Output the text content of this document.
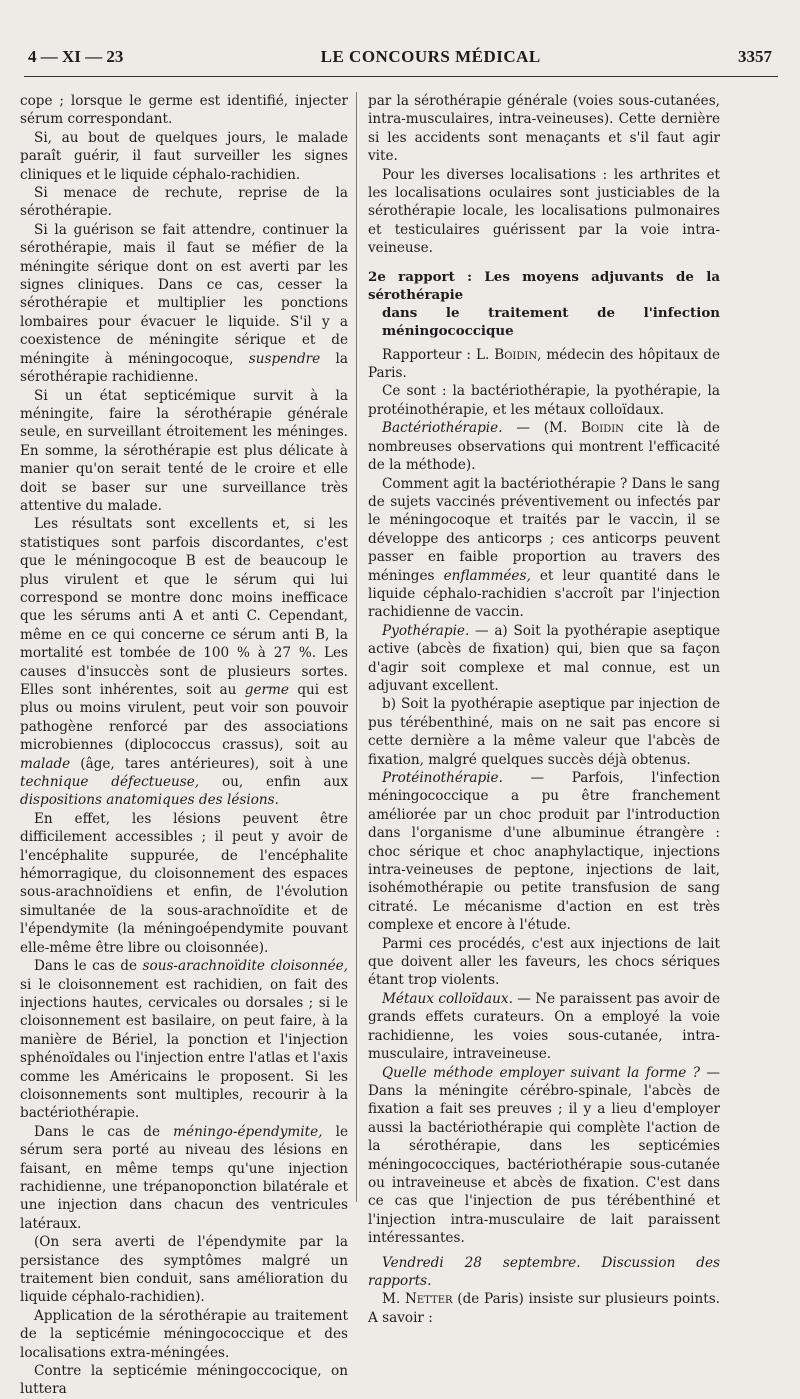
4 — XI — 23	LE CONCOURS MÉDICAL	3357

cope ; lorsque le germe est identifié, injecter sérum correspondant.

Si, au bout de quelques jours, le malade paraît guérir, il faut surveiller les signes cliniques et le liquide céphalo-rachidien.

Si menace de rechute, reprise de la sérothérapie.

Si la guérison se fait attendre, continuer la sérothérapie, mais il faut se méfier de la méningite sérique dont on est averti par les signes cliniques. Dans ce cas, cesser la sérothérapie et multiplier les ponctions lombaires pour évacuer le liquide. S'il y a coexistence de méningite sérique et de méningite à méningocoque, suspendre la sérothérapie rachidienne.

Si un état septicémique survit à la méningite, faire la sérothérapie générale seule, en surveillant étroitement les méninges. En somme, la sérothérapie est plus délicate à manier qu'on serait tenté de le croire et elle doit se baser sur une surveillance très attentive du malade.

Les résultats sont excellents et, si les statistiques sont parfois discordantes, c'est que le méningocoque B est de beaucoup le plus virulent et que le sérum qui lui correspond se montre donc moins inefficace que les sérums anti A et anti C. Cependant, même en ce qui concerne ce sérum anti B, la mortalité est tombée de 100 % à 27 %. Les causes d'insuccès sont de plusieurs sortes. Elles sont inhérentes, soit au germe qui est plus ou moins virulent, peut voir son pouvoir pathogène renforcé par des associations microbiennes (diplococcus crassus), soit au malade (âge, tares antérieures), soit à une technique défectueuse, ou, enfin aux dispositions anatomiques des lésions.

En effet, les lésions peuvent être difficilement accessibles ; il peut y avoir de l'encéphalite suppurée, de l'encéphalite hémorragique, du cloisonnement des espaces sous-arachnoïdiens et enfin, de l'évolution simultanée de la sous-arachnoïdite et de l'épendymite (la méningoépendymite pouvant elle-même être libre ou cloisonnée).

Dans le cas de sous-arachnoïdite cloisonnée, si le cloisonnement est rachidien, on fait des injections hautes, cervicales ou dorsales ; si le cloisonnement est basilaire, on peut faire, à la manière de Bériel, la ponction et l'injection sphénoïdales ou l'injection entre l'atlas et l'axis comme les Américains le proposent. Si les cloisonnements sont multiples, recourir à la bactériothérapie.

Dans le cas de méningo-épendymite, le sérum sera porté au niveau des lésions en faisant, en même temps qu'une injection rachidienne, une trépanoponction bilatérale et une injection dans chacun des ventricules latéraux.

(On sera averti de l'épendymite par la persistance des symptômes malgré un traitement bien conduit, sans amélioration du liquide céphalo-rachidien).

Application de la sérothérapie au traitement de la septicémie méningococcique et des localisations extra-méningées.

Contre la septicémie méningoccocique, on luttera

par la sérothérapie générale (voies sous-cutanées, intra-musculaires, intra-veineuses). Cette dernière si les accidents sont menaçants et s'il faut agir vite.

Pour les diverses localisations : les arthrites et les localisations oculaires sont justiciables de la sérothérapie locale, les localisations pulmonaires et testiculaires guérissent par la voie intra-veineuse.

2e rapport : Les moyens adjuvants de la sérothérapie
dans le traitement de l'infection méningococcique

Rapporteur : L. Boidin, médecin des hôpitaux de Paris.

Ce sont : la bactériothérapie, la pyothérapie, la protéinothérapie, et les métaux colloïdaux.

Bactériothérapie. — (M. Boidin cite là de nombreuses observations qui montrent l'efficacité de la méthode).

Comment agit la bactériothérapie ? Dans le sang de sujets vaccinés préventivement ou infectés par le méningocoque et traités par le vaccin, il se développe des anticorps ; ces anticorps peuvent passer en faible proportion au travers des méninges enflammées, et leur quantité dans le liquide céphalo-rachidien s'accroît par l'injection rachidienne de vaccin.

Pyothérapie. — a) Soit la pyothérapie aseptique active (abcès de fixation) qui, bien que sa façon d'agir soit complexe et mal connue, est un adjuvant excellent.

b) Soit la pyothérapie aseptique par injection de pus térébenthiné, mais on ne sait pas encore si cette dernière a la même valeur que l'abcès de fixation, malgré quelques succès déjà obtenus.

Protéinothérapie. — Parfois, l'infection méningococcique a pu être franchement améliorée par un choc produit par l'introduction dans l'organisme d'une albuminue étrangère : choc sérique et choc anaphylactique, injections intra-veineuses de peptone, injections de lait, isohémothérapie ou petite transfusion de sang citraté. Le mécanisme d'action en est très complexe et encore à l'étude.

Parmi ces procédés, c'est aux injections de lait que doivent aller les faveurs, les chocs sériques étant trop violents.

Métaux colloïdaux. — Ne paraissent pas avoir de grands effets curateurs. On a employé la voie rachidienne, les voies sous-cutanée, intra-musculaire, intraveineuse.

Quelle méthode employer suivant la forme ? — Dans la méningite cérébro-spinale, l'abcès de fixation a fait ses preuves ; il y a lieu d'employer aussi la bactériothérapie qui complète l'action de la sérothérapie, dans les septicémies méningococciques, bactériothérapie sous-cutanée ou intraveineuse et abcès de fixation. C'est dans ce cas que l'injection de pus térébenthiné et l'injection intra-musculaire de lait paraissent intéressantes.

Vendredi 28 septembre. Discussion des rapports.

M. Netter (de Paris) insiste sur plusieurs points. A savoir :
